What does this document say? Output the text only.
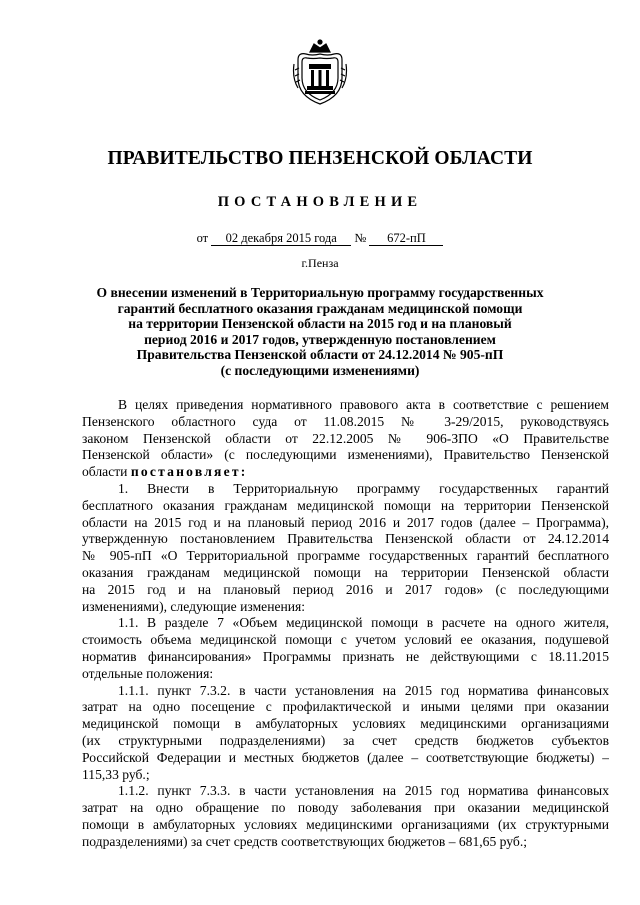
ПРАВИТЕЛЬСТВО ПЕНЗЕНСКОЙ ОБЛАСТИ
ПОСТАНОВЛЕНИЕ
от 02 декабря 2015 года № 672-пП
г.Пенза
О внесении изменений в Территориальную программу государственных
гарантий бесплатного оказания гражданам медицинской помощи
на территории Пензенской области на 2015 год и на плановый
период 2016 и 2017 годов, утвержденную постановлением
Правительства Пензенской области от 24.12.2014 № 905-пП
(с последующими изменениями)
В целях приведения нормативного правового акта в соответствие с решением
Пензенского областного суда от 11.08.2015 № 3-29/2015, руководствуясь
законом Пензенской области от 22.12.2005 № 906-ЗПО «О Правительстве
Пензенской области» (с последующими изменениями), Правительство Пензенской
области постановляет:
1. Внести в Территориальную программу государственных гарантий
бесплатного оказания гражданам медицинской помощи на территории Пензенской
области на 2015 год и на плановый период 2016 и 2017 годов (далее – Программа),
утвержденную постановлением Правительства Пензенской области от 24.12.2014
№ 905-пП «О Территориальной программе государственных гарантий бесплатного
оказания гражданам медицинской помощи на территории Пензенской области
на 2015 год и на плановый период 2016 и 2017 годов» (с последующими
изменениями), следующие изменения:
1.1. В разделе 7 «Объем медицинской помощи в расчете на одного жителя,
стоимость объема медицинской помощи с учетом условий ее оказания, подушевой
норматив финансирования» Программы признать не действующими с 18.11.2015
отдельные положения:
1.1.1. пункт 7.3.2. в части установления на 2015 год норматива финансовых
затрат на одно посещение с профилактической и иными целями при оказании
медицинской помощи в амбулаторных условиях медицинскими организациями
(их структурными подразделениями) за счет средств бюджетов субъектов
Российской Федерации и местных бюджетов (далее – соответствующие бюджеты) –
115,33 руб.;
1.1.2. пункт 7.3.3. в части установления на 2015 год норматива финансовых
затрат на одно обращение по поводу заболевания при оказании медицинской
помощи в амбулаторных условиях медицинскими организациями (их структурными
подразделениями) за счет средств соответствующих бюджетов – 681,65 руб.;
